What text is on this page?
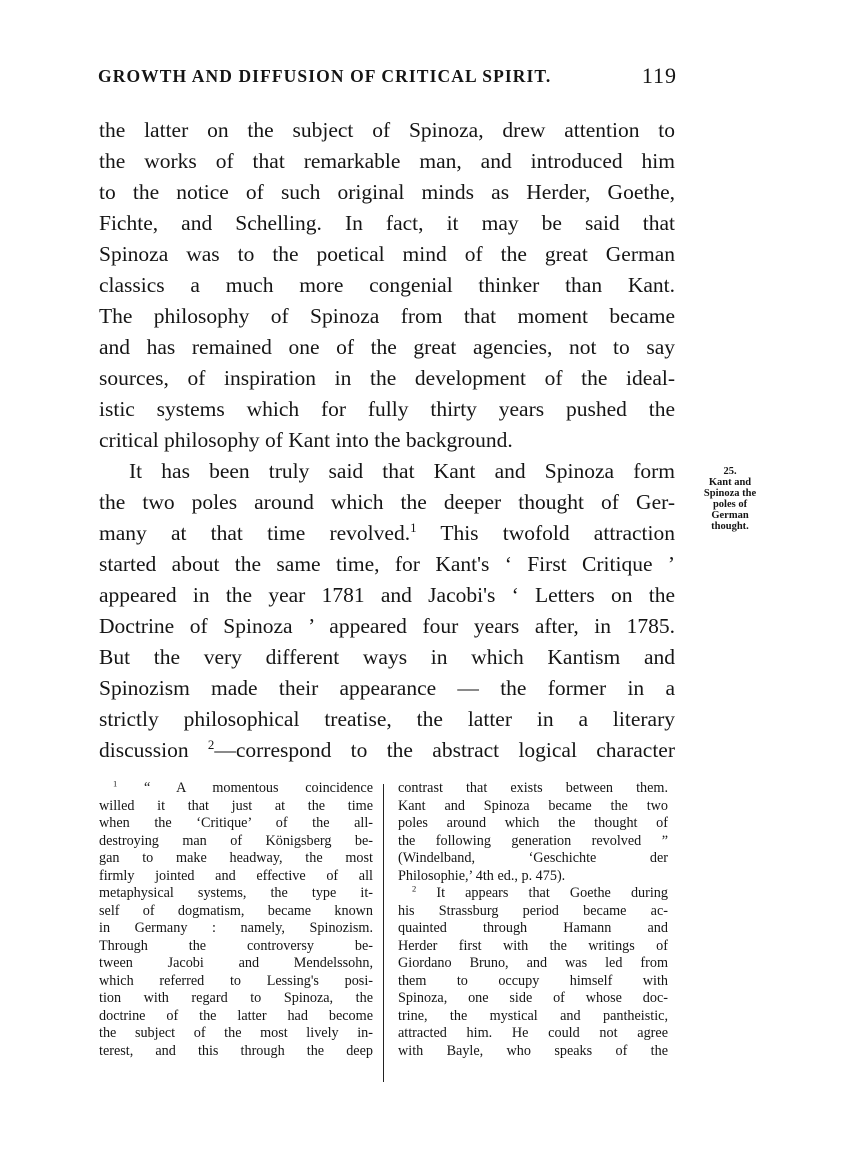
GROWTH AND DIFFUSION OF CRITICAL SPIRIT.	119
the latter on the subject of Spinoza, drew attention to
the works of that remarkable man, and introduced him
to the notice of such original minds as Herder, Goethe,
Fichte, and Schelling. In fact, it may be said that
Spinoza was to the poetical mind of the great German
classics a much more congenial thinker than Kant.
The philosophy of Spinoza from that moment became
and has remained one of the great agencies, not to say
sources, of inspiration in the development of the ideal-
istic systems which for fully thirty years pushed the
critical philosophy of Kant into the background.
It has been truly said that Kant and Spinoza form
the two poles around which the deeper thought of Ger-
many at that time revolved.$^1$ This twofold attraction
started about the same time, for Kant's ‘ First Critique ’
appeared in the year 1781 and Jacobi's ‘ Letters on the
Doctrine of Spinoza ’ appeared four years after, in 1785.
But the very different ways in which Kantism and
Spinozism made their appearance — the former in a
strictly philosophical treatise, the latter in a literary
discussion $^2$—correspond to the abstract logical character
25.
Kant and
Spinoza the
poles of
German
thought.
$^1$ “ A momentous coincidence
willed it that just at the time
when the ‘Critique’ of the all-
destroying man of Königsberg be-
gan to make headway, the most
firmly jointed and effective of all
metaphysical systems, the type it-
self of dogmatism, became known
in Germany : namely, Spinozism.
Through the controversy be-
tween Jacobi and Mendelssohn,
which referred to Lessing's posi-
tion with regard to Spinoza, the
doctrine of the latter had become
the subject of the most lively in-
terest, and this through the deep
contrast that exists between them.
Kant and Spinoza became the two
poles around which the thought of
the following generation revolved ”
(Windelband, ‘Geschichte der
Philosophie,’ 4th ed., p. 475).
$^2$ It appears that Goethe during
his Strassburg period became ac-
quainted through Hamann and
Herder first with the writings of
Giordano Bruno, and was led from
them to occupy himself with
Spinoza, one side of whose doc-
trine, the mystical and pantheistic,
attracted him. He could not agree
with Bayle, who speaks of the
